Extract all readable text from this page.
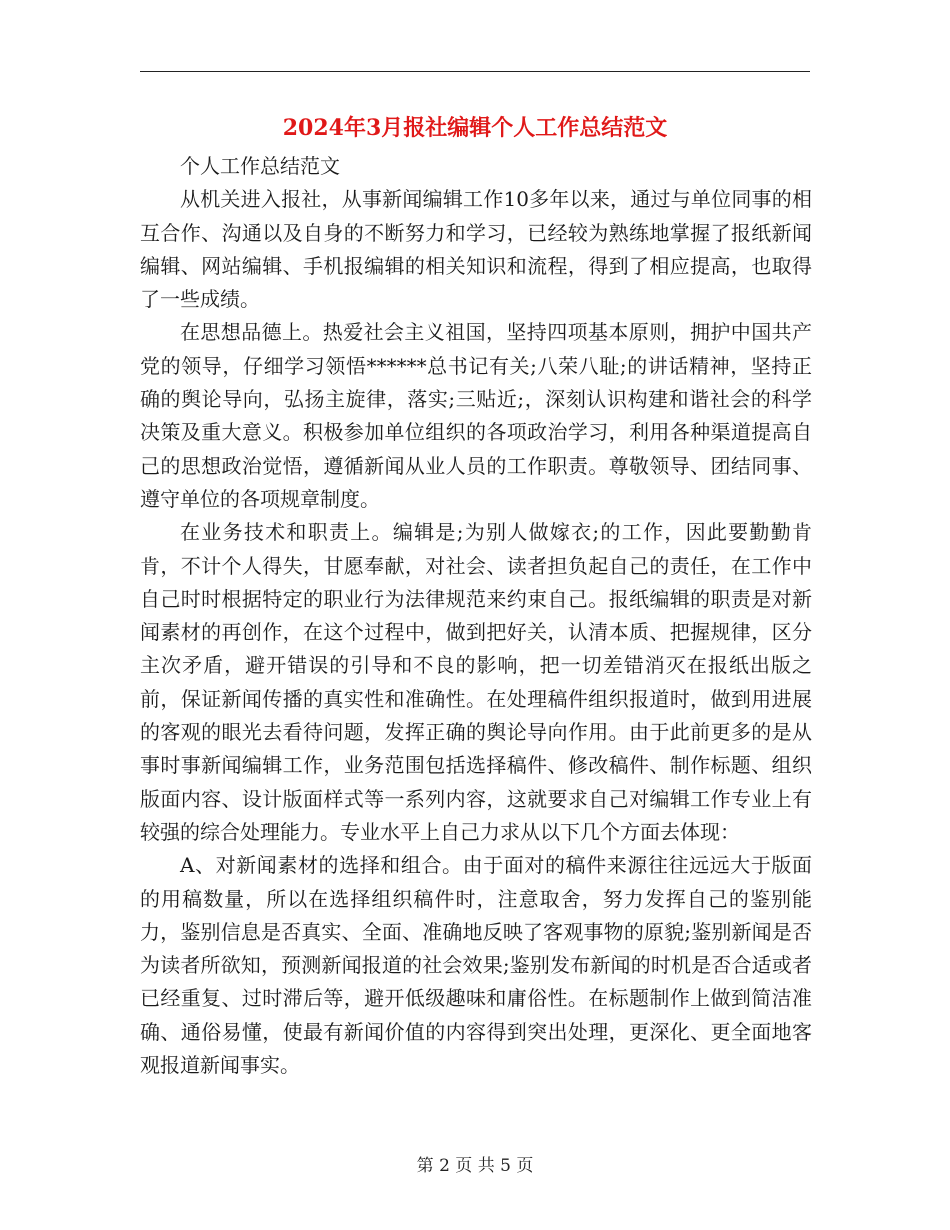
2024年3月报社编辑个人工作总结范文

个人工作总结范文

从机关进入报社，从事新闻编辑工作10多年以来，通过与单位同事的相互合作、沟通以及自身的不断努力和学习，已经较为熟练地掌握了报纸新闻编辑、网站编辑、手机报编辑的相关知识和流程，得到了相应提高，也取得了一些成绩。

在思想品德上。热爱社会主义祖国，坚持四项基本原则，拥护中国共产党的领导，仔细学习领悟******总书记有关;八荣八耻;的讲话精神，坚持正确的舆论导向，弘扬主旋律，落实;三贴近;，深刻认识构建和谐社会的科学决策及重大意义。积极参加单位组织的各项政治学习，利用各种渠道提高自己的思想政治觉悟，遵循新闻从业人员的工作职责。尊敬领导、团结同事、遵守单位的各项规章制度。

在业务技术和职责上。编辑是;为别人做嫁衣;的工作，因此要勤勤肯肯，不计个人得失，甘愿奉献，对社会、读者担负起自己的责任，在工作中自己时时根据特定的职业行为法律规范来约束自己。报纸编辑的职责是对新闻素材的再创作，在这个过程中，做到把好关，认清本质、把握规律，区分主次矛盾，避开错误的引导和不良的影响，把一切差错消灭在报纸出版之前，保证新闻传播的真实性和准确性。在处理稿件组织报道时，做到用进展的客观的眼光去看待问题，发挥正确的舆论导向作用。由于此前更多的是从事时事新闻编辑工作，业务范围包括选择稿件、修改稿件、制作标题、组织版面内容、设计版面样式等一系列内容，这就要求自己对编辑工作专业上有较强的综合处理能力。专业水平上自己力求从以下几个方面去体现：

A、对新闻素材的选择和组合。由于面对的稿件来源往往远远大于版面的用稿数量，所以在选择组织稿件时，注意取舍，努力发挥自己的鉴别能力，鉴别信息是否真实、全面、准确地反映了客观事物的原貌;鉴别新闻是否为读者所欲知，预测新闻报道的社会效果;鉴别发布新闻的时机是否合适或者已经重复、过时滞后等，避开低级趣味和庸俗性。在标题制作上做到简洁准确、通俗易懂，使最有新闻价值的内容得到突出处理，更深化、更全面地客观报道新闻事实。

第 2 页 共 5 页
